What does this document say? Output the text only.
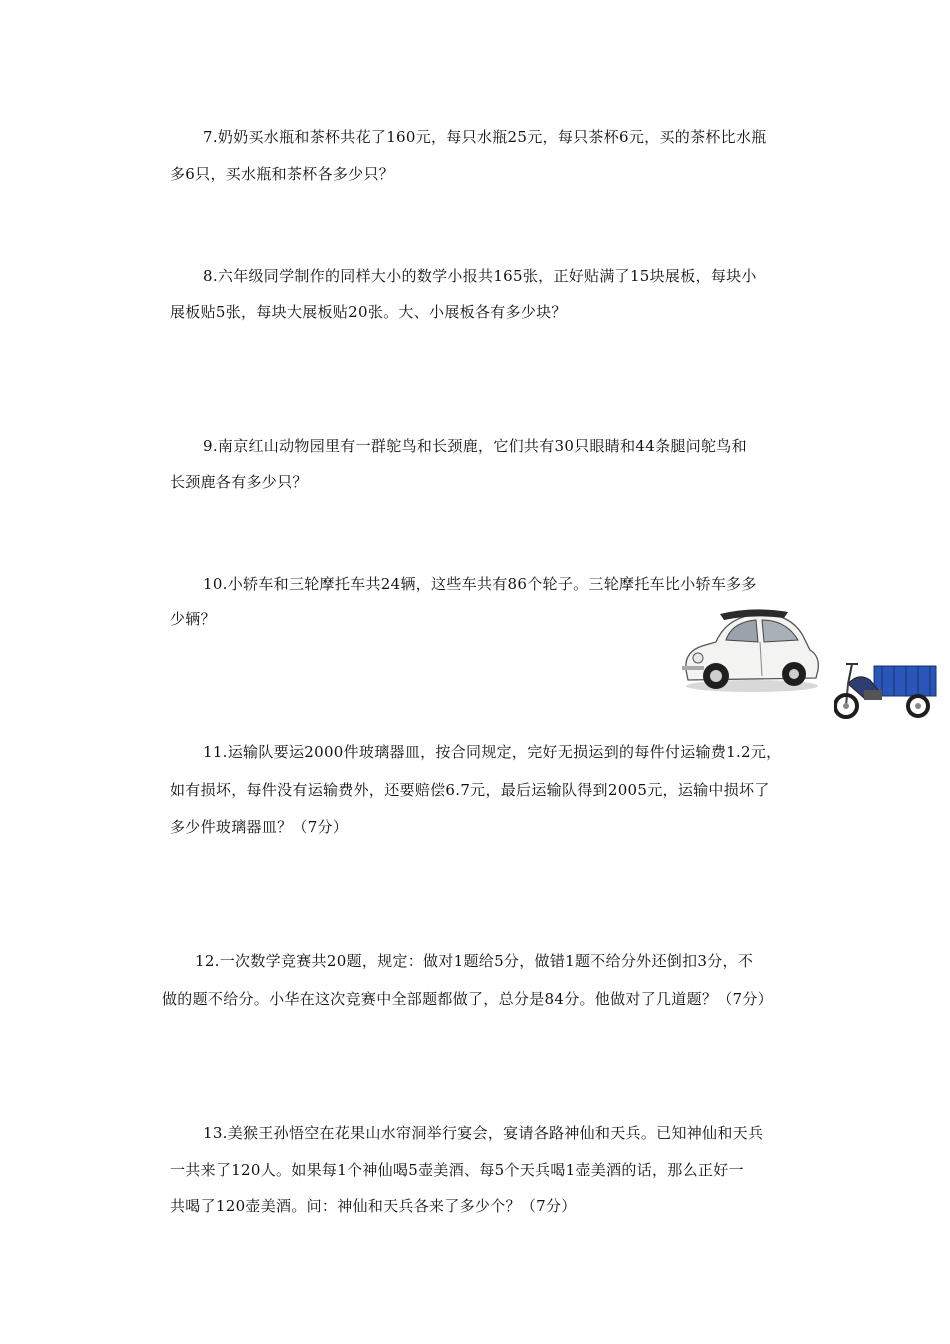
7.奶奶买水瓶和茶杯共花了160元，每只水瓶25元，每只茶杯6元，买的茶杯比水瓶
多6只，买水瓶和茶杯各多少只？
8.六年级同学制作的同样大小的数学小报共165张，正好贴满了15块展板，每块小
展板贴5张，每块大展板贴20张。大、小展板各有多少块？
9.南京红山动物园里有一群鸵鸟和长颈鹿，它们共有30只眼睛和44条腿问鸵鸟和
长颈鹿各有多少只？
10.小轿车和三轮摩托车共24辆，这些车共有86个轮子。三轮摩托车比小轿车多多
少辆？
11.运输队要运2000件玻璃器皿，按合同规定，完好无损运到的每件付运输费1.2元，
如有损坏，每件没有运输费外，还要赔偿6.7元，最后运输队得到2005元，运输中损坏了
多少件玻璃器皿？（7分）
12.一次数学竞赛共20题，规定：做对1题给5分，做错1题不给分外还倒扣3分，不
做的题不给分。小华在这次竞赛中全部题都做了，总分是84分。他做对了几道题？（7分）
13.美猴王孙悟空在花果山水帘洞举行宴会，宴请各路神仙和天兵。已知神仙和天兵
一共来了120人。如果每1个神仙喝5壶美酒、每5个天兵喝1壶美酒的话，那么正好一
共喝了120壶美酒。问：神仙和天兵各来了多少个？（7分）
